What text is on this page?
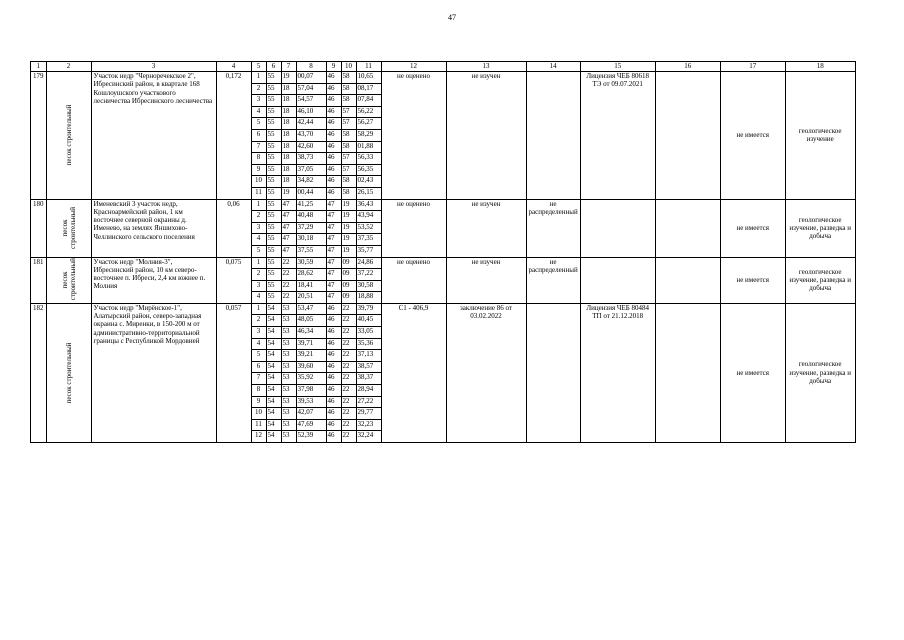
47
1	2	3	4	5	6	7	8	9	10	11	12	13	14	15	16	17	18
179	песок строительный	Участок недр "Черноречекское 2", Ибресинский район, в квартале 168 Кошлоушского участкового лесничества Ибресинского лесничества	0,172	1	55	19	00,07	46	58	10,65	не оценено	не изучен		Лицензия ЧЕБ 80618 ТЭ от 09.07.2021		не имеется	геологическое изучение
				2	55	18	57,04	46	58	08,17							
				3	55	18	54,57	46	58	07,84							
				4	55	18	46,10	46	57	56,22							
				5	55	18	42,44	46	57	56,27							
				6	55	18	43,70	46	58	58,29							
				7	55	18	42,60	46	58	01,88							
				8	55	18	38,73	46	57	56,33							
				9	55	18	37,05	46	57	56,35							
				10	55	18	34,82	46	58	02,43							
				11	55	19	00,44	46	58	26,15							
180	песок строительный	Именевский 3 участок недр, Красноармейский район, 1 км восточнее северной окраины д. Именево, на землях Яншихово-Челлинского сельского поселения	0,06	1	55	47	41,25	47	19	36,43	не оценено	не изучен	не распределенный			не имеется	геологическое изучение, разведка и добыча
				2	55	47	40,48	47	19	43,94							
				3	55	47	37,29	47	19	53,52							
				4	55	47	30,18	47	19	37,35							
				5	55	47	37,55	47	19	35,77							
181	песок строительный	Участок недр "Молния-3", Ибресинский район, 10 км северо-восточнее п. Ибреси, 2,4 км южнее п. Молния	0,075	1	55	22	30,59	47	09	24,86	не оценено	не изучен	не распределенный			не имеется	геологическое изучение, разведка и добыча
				2	55	22	28,62	47	09	37,22							
				3	55	22	18,41	47	09	30,58							
				4	55	22	20,51	47	09	18,88							
182	песок строительный	Участок недр "Мирёнское-1", Алатырский район, северо-западная окраина с. Миренки, в 150-200 м от административно-территориальной границы с Республикой Мордовией	0,057	1	54	53	53,47	46	22	39,79	С1 - 406,9	заключение 86 от 03.02.2022		Лицензия ЧЕБ 80484 ТП от 21.12.2018		не имеется	геологическое изучение, разведка и добыча
				2	54	53	48,05	46	22	40,45							
				3	54	53	46,34	46	22	33,05							
				4	54	53	39,71	46	22	35,36							
				5	54	53	39,21	46	22	37,13							
				6	54	53	39,60	46	22	38,57							
				7	54	53	35,92	46	22	38,37							
				8	54	53	37,98	46	22	28,94							
				9	54	53	39,53	46	22	27,22							
				10	54	53	42,07	46	22	29,77							
				11	54	53	47,69	46	22	32,23							
				12	54	53	52,39	46	22	32,24							
